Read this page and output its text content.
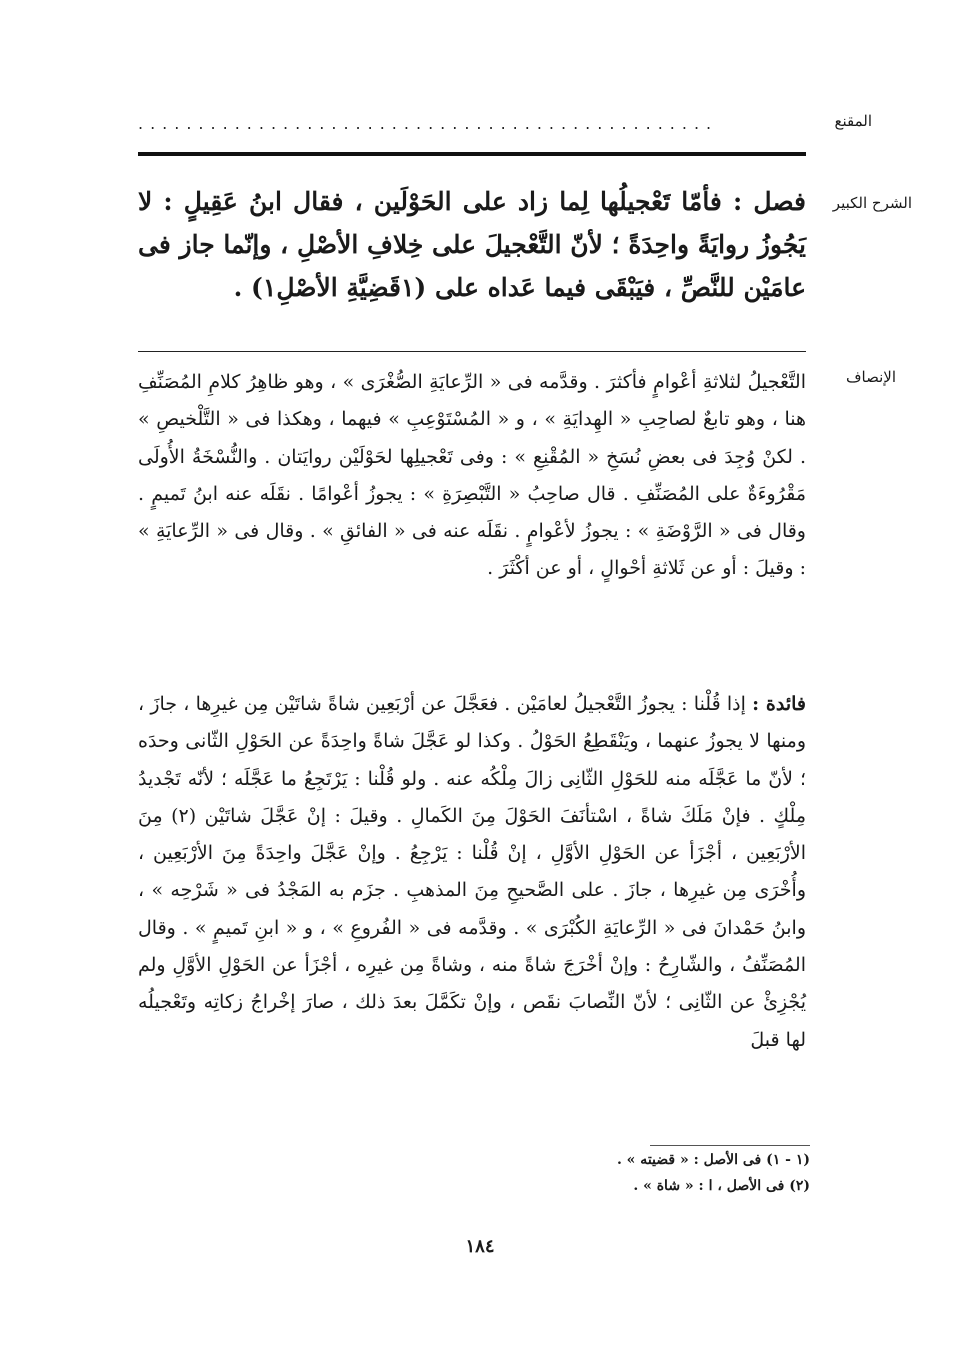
المقنع
................................................
الشرح الكبير

فصل : فأمّا تَعْجيلُها لِما زاد على الحَوْلَين ، فقال ابنُ عَقِيلٍ : لا يَجُوزُ روايَةً واحِدَةً ؛ لأنّ التَّعْجيلَ على خِلافِ الأصْلِ ، وإنّما جاز فى عامَيْن للنَّصِّ ، فيَبْقَى فيما عَداه على (١قَضِيَّةِ الأصْلِ١) .

الإنصاف

التَّعْجيلُ لثلاثةِ أعْوامٍ فأكثرَ . وقدَّمه فى « الرِّعايَةِ الصُّغْرَى » ، وهو ظاهِرُ كلامِ المُصَنِّفِ هنا ، وهو تابعٌ لصاحِبِ « الهِدايَةِ » ، و « المُسْتَوْعِبِ » فيهما ، وهكذا فى « التَّلْخيصِ » . لكنْ وُجِدَ فى بعضِ نُسَخِ « المُقْنِعِ » : وفى تَعْجيلِها لحَوْلَيْن روايَتان . والنُّسْخَةُ الأُولَى مَقْرُوءَةٌ على المُصَنِّفِ . قال صاحِبُ « التَّبْصِرَةِ » : يجوزُ أعْوامًا . نقَلَه عنه ابنُ تَميمٍ . وقال فى « الرَّوْضَةِ » : يجوزُ لأعْوامٍ . نقَلَه عنه فى « الفائقِ » . وقال فى « الرِّعايَةِ » : وقيلَ : أو عن ثَلاثةِ أحْوالٍ ، أو عن أكْثَرَ .

فائدة : إذا قُلْنا : يجوزُ التَّعْجيلُ لعامَيْن . فعَجَّلَ عن أرْبَعِين شاةً شاتَيْن مِن غيرِها ، جازَ ، ومنها لا يجوزُ عنهما ، ويَنْقَطِعُ الحَوْلُ . وكذا لو عَجَّلَ شاةً واحِدَةً عن الحَوْلِ الثّانى وحدَه ؛ لأنّ ما عَجَّلَه منه للحَوْلِ الثّانِى زالَ مِلْكُه عنه . ولو قُلْنا : يَرْتَجِعُ ما عَجَّلَه ؛ لأنّه تَجْديدُ مِلْكٍ . فإنْ مَلَكَ شاةً ، اسْتأنَفَ الحَوْلَ مِنَ الكَمالِ . وقيلَ : إنْ عَجَّلَ شاتَيْن (٢) مِنَ الأرْبَعِين ، أجْزَأ عن الحَوْلِ الأوَّلِ ، إنْ قُلْنا : يَرْجِعُ . وإنْ عَجَّلَ واحِدَةً مِنَ الأرْبَعِين ، وأُخْرَى مِن غيرِها ، جازَ . على الصَّحيحِ مِنَ المذهبِ . جزَم به المَجْدُ فى « شَرْحِه » ، وابنُ حَمْدانَ فى « الرِّعايَةِ الكُبْرَى » . وقدَّمه فى « الفُروعِ » ، و « ابنِ تَميمٍ » . وقال المُصَنِّفُ ، والشّارِحُ : وإنْ أخْرَجَ شاةً منه ، وشاةً مِن غيرِه ، أجْزَأ عن الحَوْلِ الأوَّلِ ولم يُجْزِئْ عن الثّانِى ؛ لأنّ النِّصابَ نقَص ، وإنْ تكَمَّلَ بعدَ ذلك ، صارَ إخْراجُ زكاتِه وتَعْجيلُه لها قبلَ

(١ - ١) فى الأصل : « قضيته » .
(٢) فى الأصل ، ا : « شاة » .
١٨٤
